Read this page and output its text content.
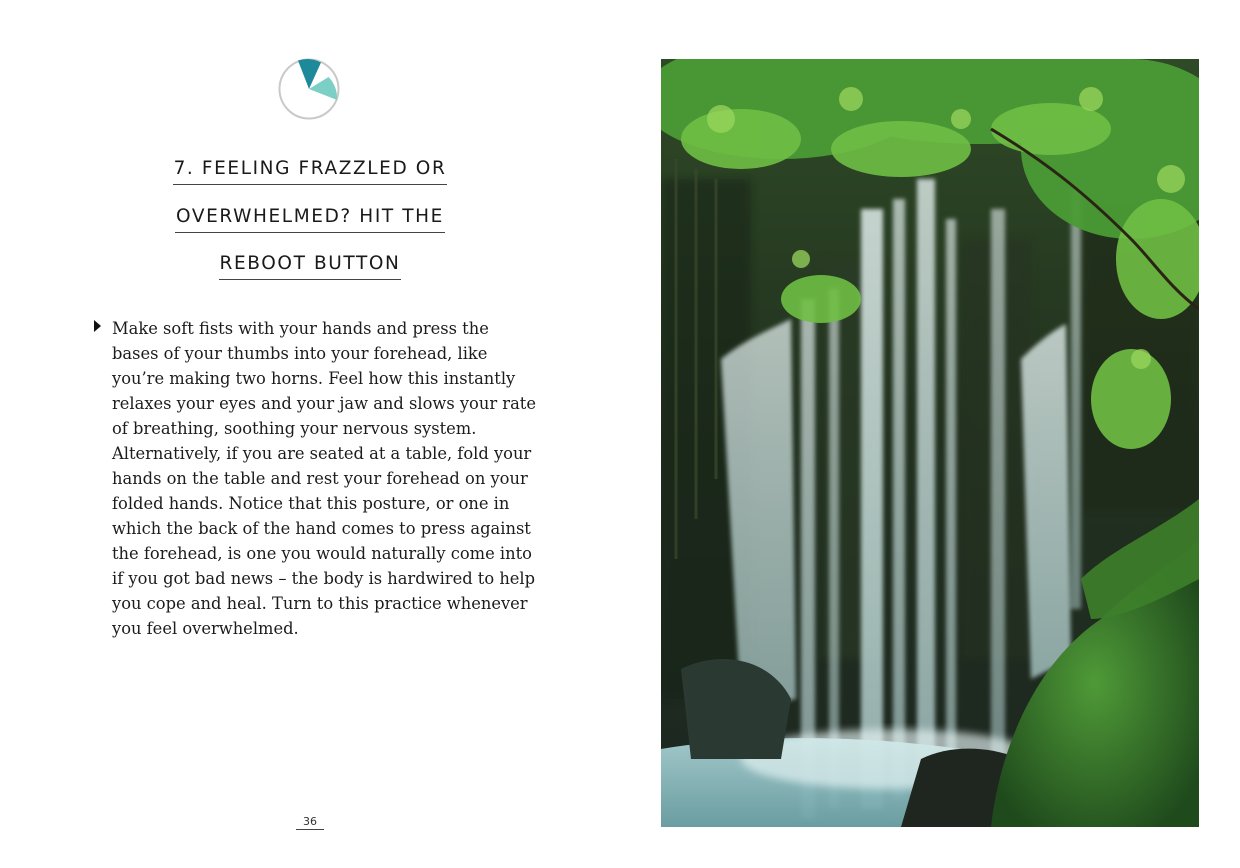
7. FEELING FRAZZLED OR
OVERWHELMED? HIT THE
REBOOT BUTTON

Make soft fists with your hands and press the bases of your thumbs into your forehead, like you’re making two horns. Feel how this instantly relaxes your eyes and your jaw and slows your rate of breathing, soothing your nervous system. Alternatively, if you are seated at a table, fold your hands on the table and rest your forehead on your folded hands. Notice that this posture, or one in which the back of the hand comes to press against the forehead, is one you would naturally come into if you got bad news – the body is hardwired to help you cope and heal. Turn to this practice whenever you feel overwhelmed.

36
